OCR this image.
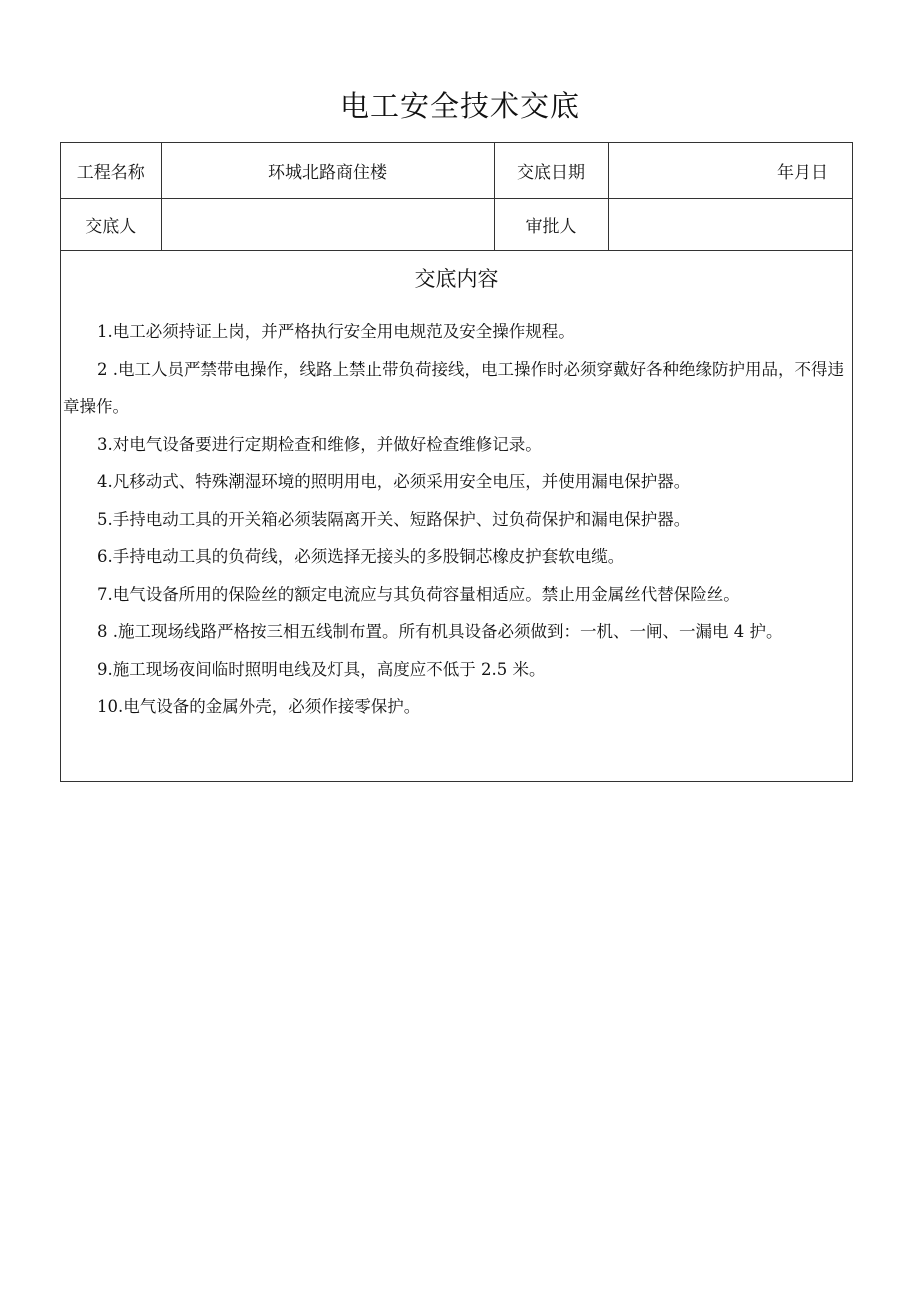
电工安全技术交底
工程名称	环城北路商住楼	交底日期	年月日
交底人		审批人	
交底内容

1.电工必须持证上岗，并严格执行安全用电规范及安全操作规程。

2 .电工人员严禁带电操作，线路上禁止带负荷接线，电工操作时必须穿戴好各种绝缘防护用品，不得违章操作。

3.对电气设备要进行定期检查和维修，并做好检查维修记录。

4.凡移动式、特殊潮湿环境的照明用电，必须采用安全电压，并使用漏电保护器。

5.手持电动工具的开关箱必须装隔离开关、短路保护、过负荷保护和漏电保护器。

6.手持电动工具的负荷线，必须选择无接头的多股铜芯橡皮护套软电缆。

7.电气设备所用的保险丝的额定电流应与其负荷容量相适应。禁止用金属丝代替保险丝。

8 .施工现场线路严格按三相五线制布置。所有机具设备必须做到：一机、一闸、一漏电 4 护。

9.施工现场夜间临时照明电线及灯具，高度应不低于 2.5 米。

10.电气设备的金属外壳，必须作接零保护。
